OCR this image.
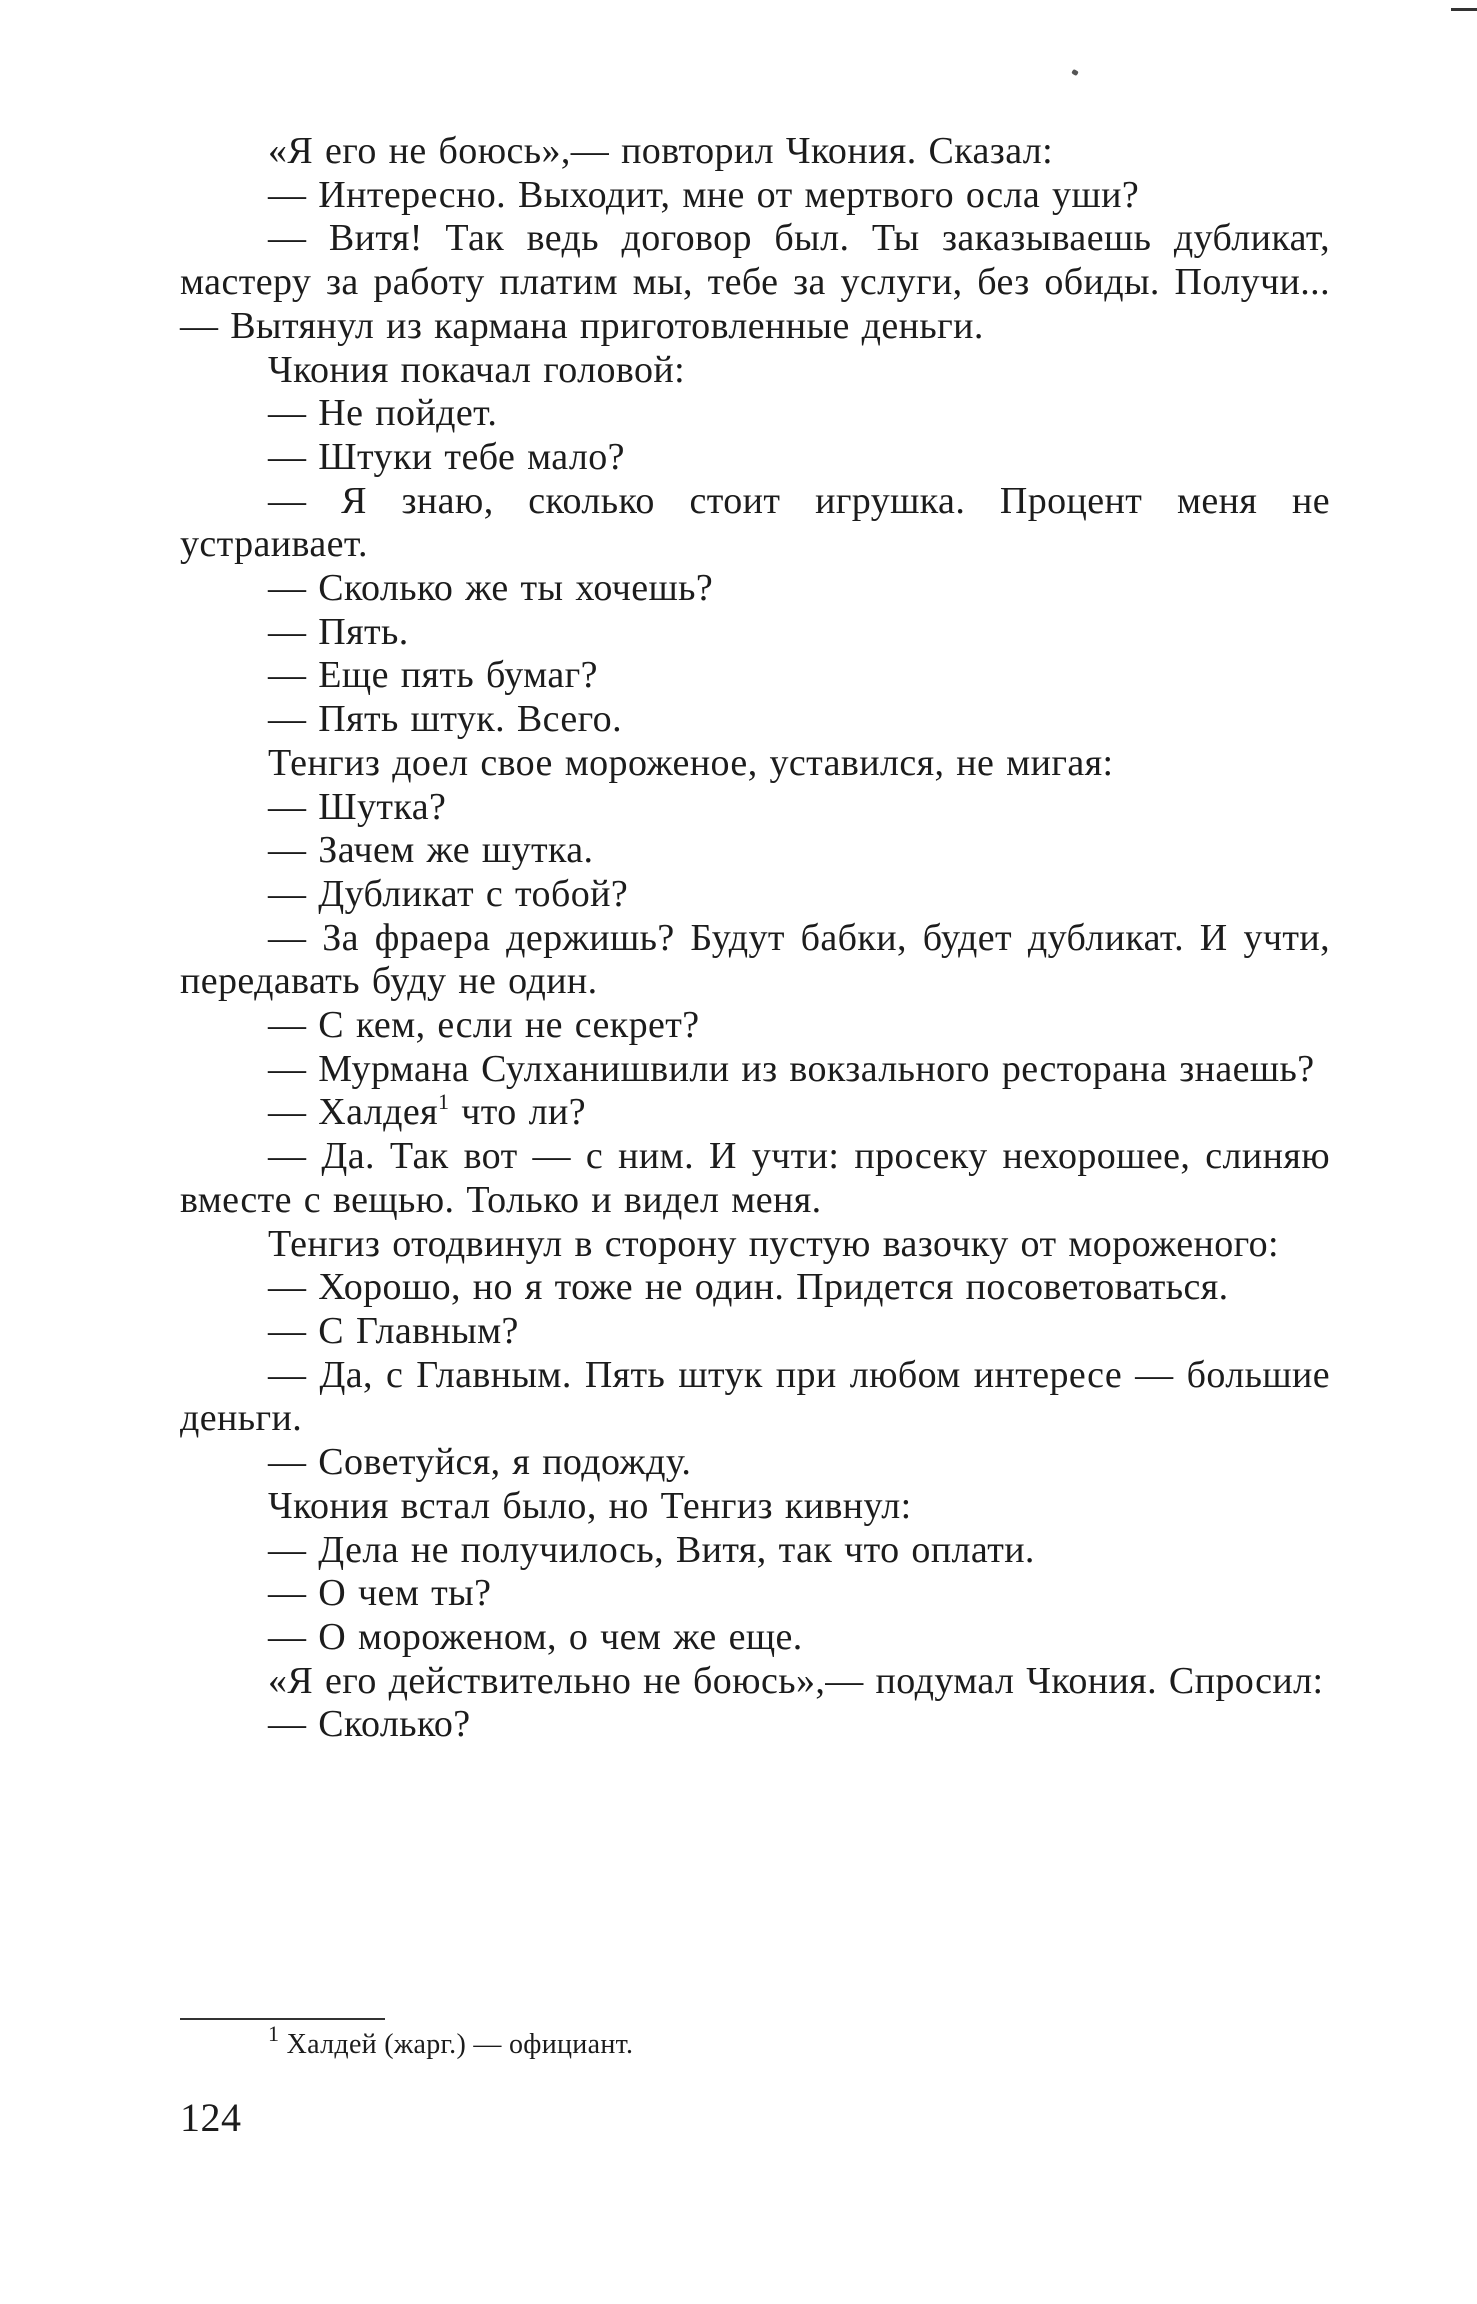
«Я его не боюсь»,— повторил Чкония. Сказал:

— Интересно. Выходит, мне от мертвого осла уши?

— Витя! Так ведь договор был. Ты заказываешь дубликат, мастеру за работу платим мы, тебе за услуги, без обиды. Получи... — Вытянул из кармана приготовленные деньги.

Чкония покачал головой:

— Не пойдет.

— Штуки тебе мало?

— Я знаю, сколько стоит игрушка. Процент меня не устраивает.

— Сколько же ты хочешь?

— Пять.

— Еще пять бумаг?

— Пять штук. Всего.

Тенгиз доел свое мороженое, уставился, не мигая:

— Шутка?

— Зачем же шутка.

— Дубликат с тобой?

— За фраера держишь? Будут бабки, будет дубликат. И учти, передавать буду не один.

— С кем, если не секрет?

— Мурмана Сулханишвили из вокзального ресторана знаешь?

— Халдея$^1$ что ли?

— Да. Так вот — с ним. И учти: просеку нехорошее, слиняю вместе с вещью. Только и видел меня.

Тенгиз отодвинул в сторону пустую вазочку от мороженого:

— Хорошо, но я тоже не один. Придется посоветоваться.

— С Главным?

— Да, с Главным. Пять штук при любом интересе — большие деньги.

— Советуйся, я подожду.

Чкония встал было, но Тенгиз кивнул:

— Дела не получилось, Витя, так что оплати.

— О чем ты?

— О мороженом, о чем же еще.

«Я его действительно не боюсь»,— подумал Чкония. Спросил:

— Сколько?

$^1$ Халдей (жарг.) — официант.
124
